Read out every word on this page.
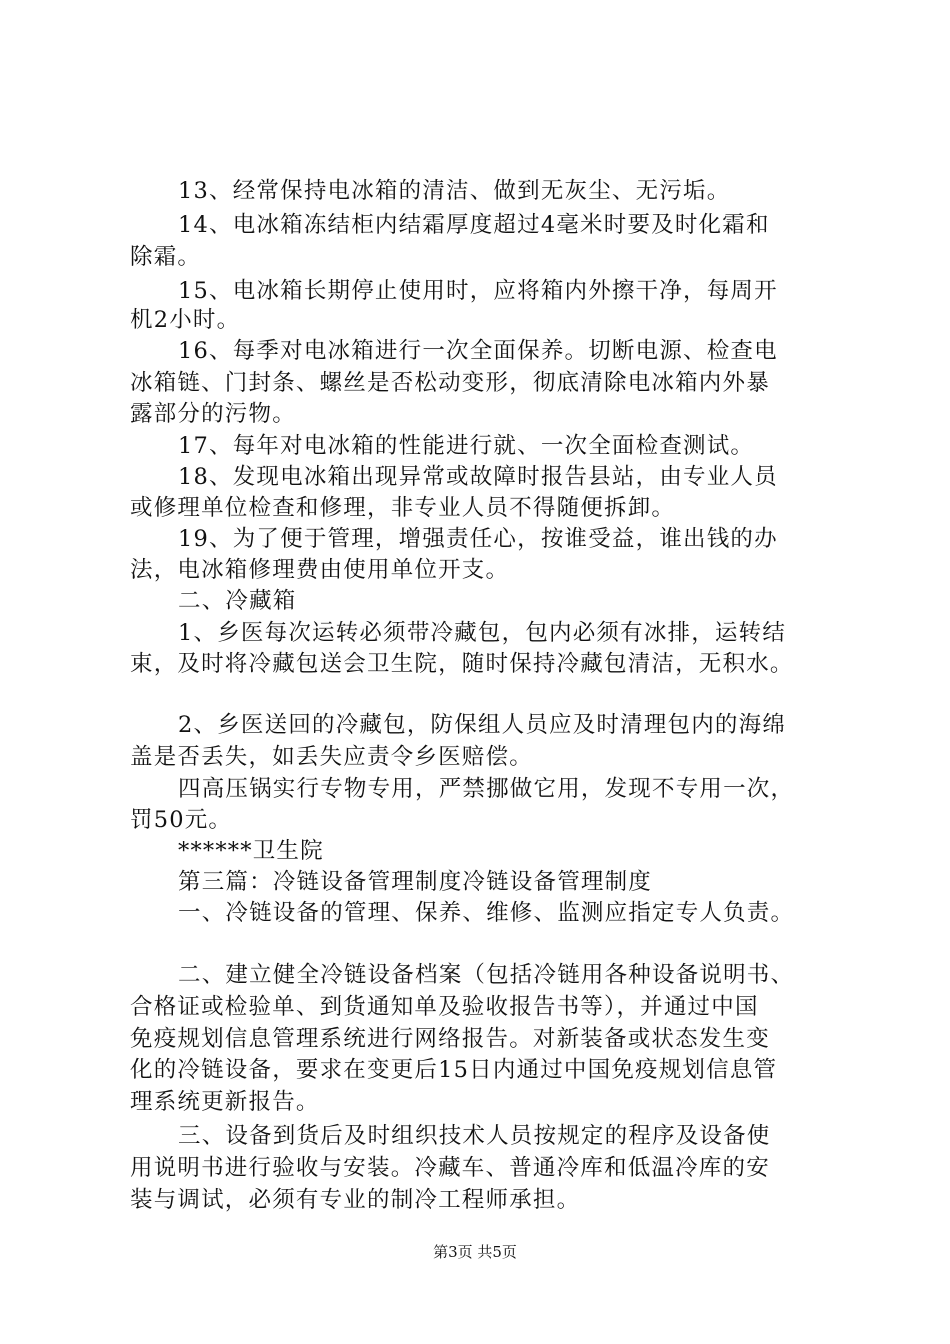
13、经常保持电冰箱的清洁、做到无灰尘、无污垢。
14、电冰箱冻结柜内结霜厚度超过4毫米时要及时化霜和
除霜。
15、电冰箱长期停止使用时，应将箱内外擦干净，每周开
机2小时。
16、每季对电冰箱进行一次全面保养。切断电源、检查电
冰箱链、门封条、螺丝是否松动变形，彻底清除电冰箱内外暴
露部分的污物。
17、每年对电冰箱的性能进行就、一次全面检查测试。
18、发现电冰箱出现异常或故障时报告县站，由专业人员
或修理单位检查和修理，非专业人员不得随便拆卸。
19、为了便于管理，增强责任心，按谁受益，谁出钱的办
法，电冰箱修理费由使用单位开支。
二、冷藏箱
1、乡医每次运转必须带冷藏包，包内必须有冰排，运转结
束，及时将冷藏包送会卫生院，随时保持冷藏包清洁，无积水。
2、乡医送回的冷藏包，防保组人员应及时清理包内的海绵
盖是否丢失，如丢失应责令乡医赔偿。
四高压锅实行专物专用，严禁挪做它用，发现不专用一次，
罚50元。
******卫生院
第三篇：冷链设备管理制度冷链设备管理制度
一、冷链设备的管理、保养、维修、监测应指定专人负责。
二、建立健全冷链设备档案（包括冷链用各种设备说明书、
合格证或检验单、到货通知单及验收报告书等），并通过中国
免疫规划信息管理系统进行网络报告。对新装备或状态发生变
化的冷链设备，要求在变更后15日内通过中国免疫规划信息管
理系统更新报告。
三、设备到货后及时组织技术人员按规定的程序及设备使
用说明书进行验收与安装。冷藏车、普通冷库和低温冷库的安
装与调试，必须有专业的制冷工程师承担。
第3页 共5页
